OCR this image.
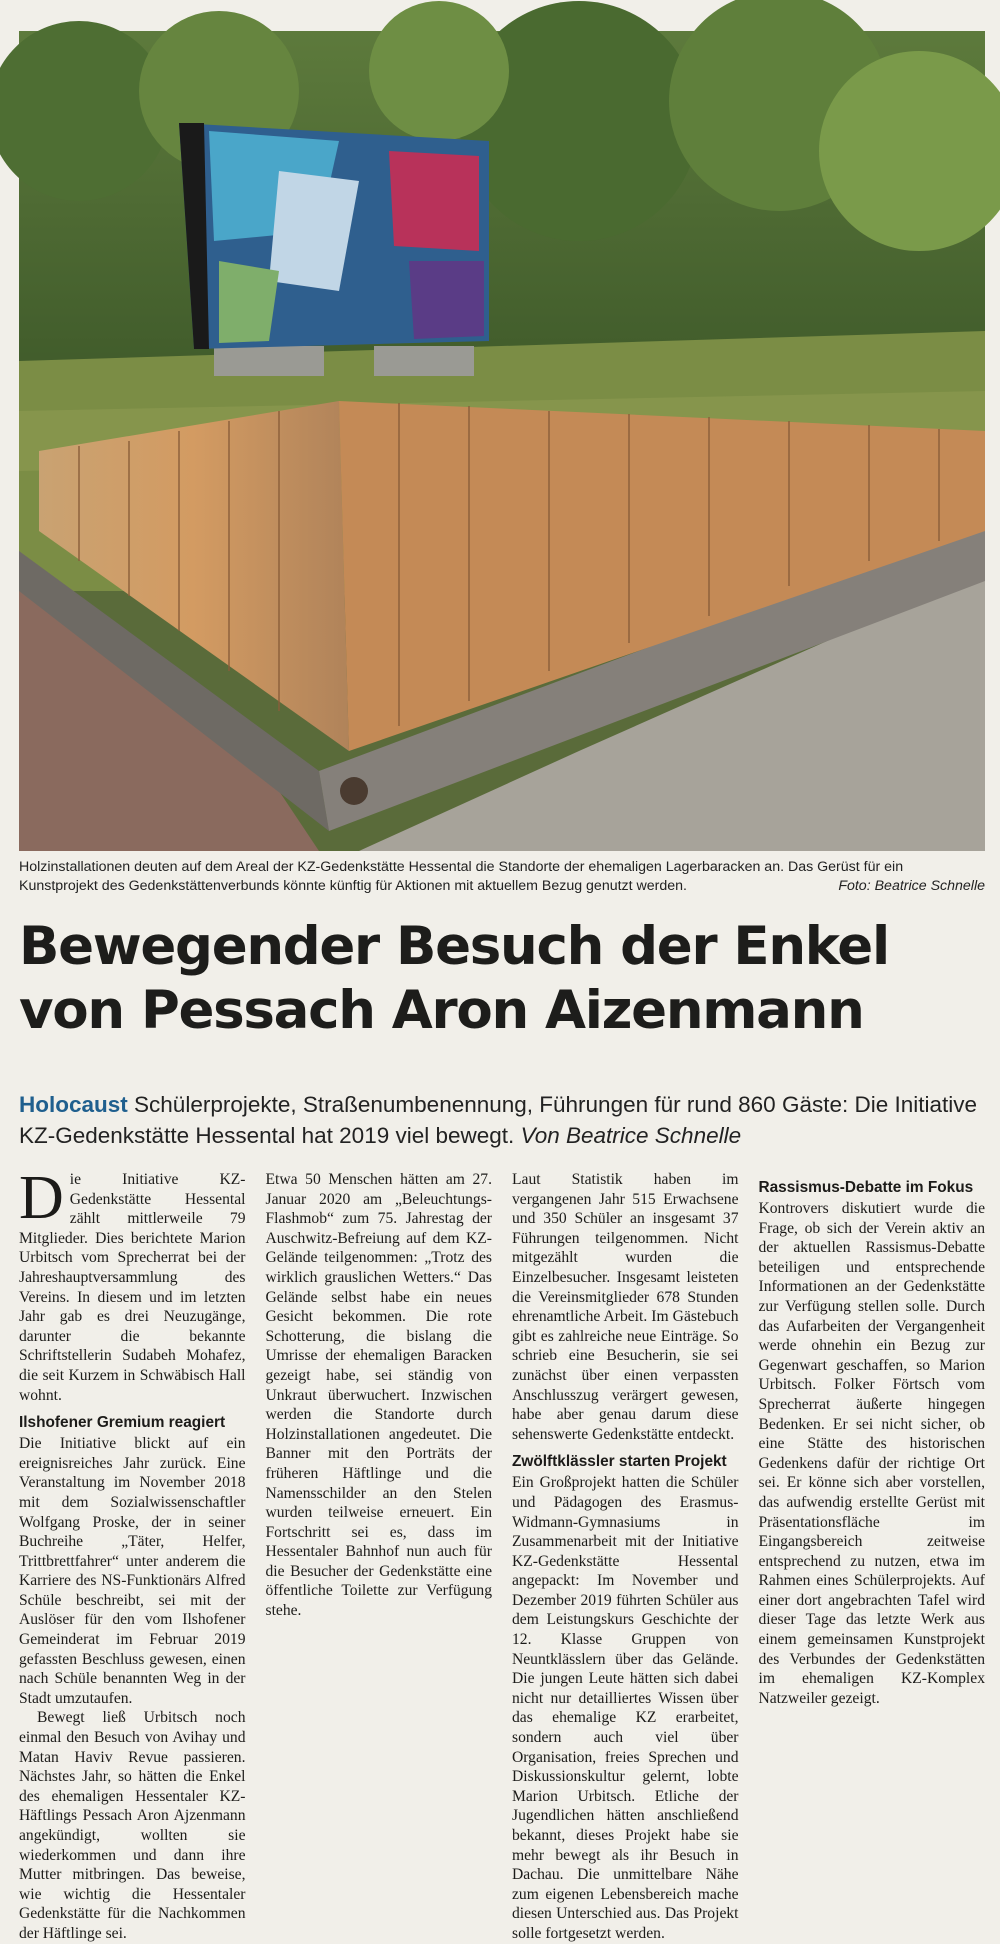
Holzinstallationen deuten auf dem Areal der KZ-Gedenkstätte Hessental die Standorte der ehemaligen Lagerbaracken an. Das Gerüst für ein Kunstprojekt des Gedenkstättenverbunds könnte künftig für Aktionen mit aktuellem Bezug genutzt werden.	Foto: Beatrice Schnelle
Bewegender Besuch der Enkel von Pessach Aron Aizenmann
Holocaust Schülerprojekte, Straßenumbenennung, Führungen für rund 860 Gäste: Die Initiative KZ-Gedenkstätte Hessental hat 2019 viel bewegt. Von Beatrice Schnelle

Die Initiative KZ-Gedenkstätte Hessental zählt mittlerweile 79 Mitglieder. Dies berichtete Marion Urbitsch vom Sprecherrat bei der Jahreshauptversammlung des Vereins. In diesem und im letzten Jahr gab es drei Neuzugänge, darunter die bekannte Schriftstellerin Sudabeh Mohafez, die seit Kurzem in Schwäbisch Hall wohnt.

Ilshofener Gremium reagiert

Die Initiative blickt auf ein ereignisreiches Jahr zurück. Eine Veranstaltung im November 2018 mit dem Sozialwissenschaftler Wolfgang Proske, der in seiner Buchreihe „Täter, Helfer, Trittbrettfahrer“ unter anderem die Karriere des NS-Funktionärs Alfred Schüle beschreibt, sei mit der Auslöser für den vom Ilshofener Gemeinderat im Februar 2019 gefassten Beschluss gewesen, einen nach Schüle benannten Weg in der Stadt umzutaufen.

Bewegt ließ Urbitsch noch einmal den Besuch von Avihay und Matan Haviv Revue passieren. Nächstes Jahr, so hätten die Enkel des ehemaligen Hessentaler KZ-Häftlings Pessach Aron Ajzenmann angekündigt, wollten sie wiederkommen und dann ihre Mutter mitbringen. Das beweise, wie wichtig die Hessentaler Gedenkstätte für die Nachkommen der Häftlinge sei.

Etwa 50 Menschen hätten am 27. Januar 2020 am „Beleuchtungs-Flashmob“ zum 75. Jahrestag der Auschwitz-Befreiung auf dem KZ-Gelände teilgenommen: „Trotz des wirklich grauslichen Wetters.“ Das Gelände selbst habe ein neues Gesicht bekommen. Die rote Schotterung, die bislang die Umrisse der ehemaligen Baracken gezeigt habe, sei ständig von Unkraut überwuchert. Inzwischen werden die Standorte durch Holzinstallationen angedeutet. Die Banner mit den Porträts der früheren Häftlinge und die Namensschilder an den Stelen wurden teilweise erneuert. Ein Fortschritt sei es, dass im Hessentaler Bahnhof nun auch für die Besucher der Gedenkstätte eine öffentliche Toilette zur Verfügung stehe.

Laut Statistik haben im vergangenen Jahr 515 Erwachsene und 350 Schüler an insgesamt 37 Führungen teilgenommen. Nicht mitgezählt wurden die Einzelbesucher. Insgesamt leisteten die Vereinsmitglieder 678 Stunden ehrenamtliche Arbeit. Im Gästebuch gibt es zahlreiche neue Einträge. So schrieb eine Besucherin, sie sei zunächst über einen verpassten Anschlusszug verärgert gewesen, habe aber genau darum diese sehenswerte Gedenkstätte entdeckt.

Zwölftklässler starten Projekt

Ein Großprojekt hatten die Schüler und Pädagogen des Erasmus-Widmann-Gymnasiums in Zusammenarbeit mit der Initiative KZ-Gedenkstätte Hessental angepackt: Im November und Dezember 2019 führten Schüler aus dem Leistungskurs Geschichte der 12. Klasse Gruppen von Neuntklässlern über das Gelände. Die jungen Leute hätten sich dabei nicht nur detailliertes Wissen über das ehemalige KZ erarbeitet, sondern auch viel über Organisation, freies Sprechen und Diskussionskultur gelernt, lobte Marion Urbitsch. Etliche der Jugendlichen hätten anschließend bekannt, dieses Projekt habe sie mehr bewegt als ihr Besuch in Dachau. Die unmittelbare Nähe zum eigenen Lebensbereich mache diesen Unterschied aus. Das Projekt solle fortgesetzt werden.

Rassismus-Debatte im Fokus

Kontrovers diskutiert wurde die Frage, ob sich der Verein aktiv an der aktuellen Rassismus-Debatte beteiligen und entsprechende Informationen an der Gedenkstätte zur Verfügung stellen solle. Durch das Aufarbeiten der Vergangenheit werde ohnehin ein Bezug zur Gegenwart geschaffen, so Marion Urbitsch. Folker Förtsch vom Sprecherrat äußerte hingegen Bedenken. Er sei nicht sicher, ob eine Stätte des historischen Gedenkens dafür der richtige Ort sei. Er könne sich aber vorstellen, das aufwendig erstellte Gerüst mit Präsentationsfläche im Eingangsbereich zeitweise entsprechend zu nutzen, etwa im Rahmen eines Schülerprojekts. Auf einer dort angebrachten Tafel wird dieser Tage das letzte Werk aus einem gemeinsamen Kunstprojekt des Verbundes der Gedenkstätten im ehemaligen KZ-Komplex Natzweiler gezeigt.
